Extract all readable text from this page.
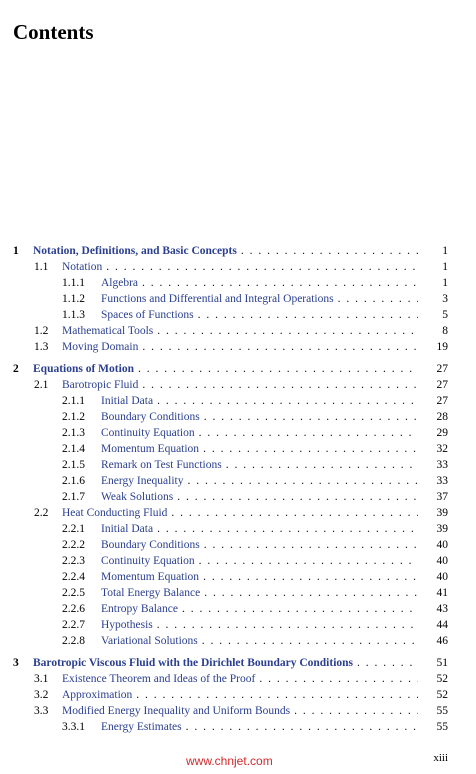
Contents
1 Notation, Definitions, and Basic Concepts . . .	1
1.1 Notation . . .	1
1.1.1 Algebra . . .	1
1.1.2 Functions and Differential and Integral Operations . . .	3
1.1.3 Spaces of Functions . . .	5
1.2 Mathematical Tools . . .	8
1.3 Moving Domain . . .	19
2 Equations of Motion . . .	27
2.1 Barotropic Fluid . . .	27
2.1.1 Initial Data . . .	27
2.1.2 Boundary Conditions . . .	28
2.1.3 Continuity Equation . . .	29
2.1.4 Momentum Equation . . .	32
2.1.5 Remark on Test Functions . . .	33
2.1.6 Energy Inequality . . .	33
2.1.7 Weak Solutions . . .	37
2.2 Heat Conducting Fluid . . .	39
2.2.1 Initial Data . . .	39
2.2.2 Boundary Conditions . . .	40
2.2.3 Continuity Equation . . .	40
2.2.4 Momentum Equation . . .	40
2.2.5 Total Energy Balance . . .	41
2.2.6 Entropy Balance . . .	43
2.2.7 Hypothesis . . .	44
2.2.8 Variational Solutions . . .	46
3 Barotropic Viscous Fluid with the Dirichlet Boundary Conditions . . .	51
3.1 Existence Theorem and Ideas of the Proof . . .	52
3.2 Approximation . . .	52
3.3 Modified Energy Inequality and Uniform Bounds . . .	55
3.3.1 Energy Estimates . . .	55
xiii
www.chnjet.com
